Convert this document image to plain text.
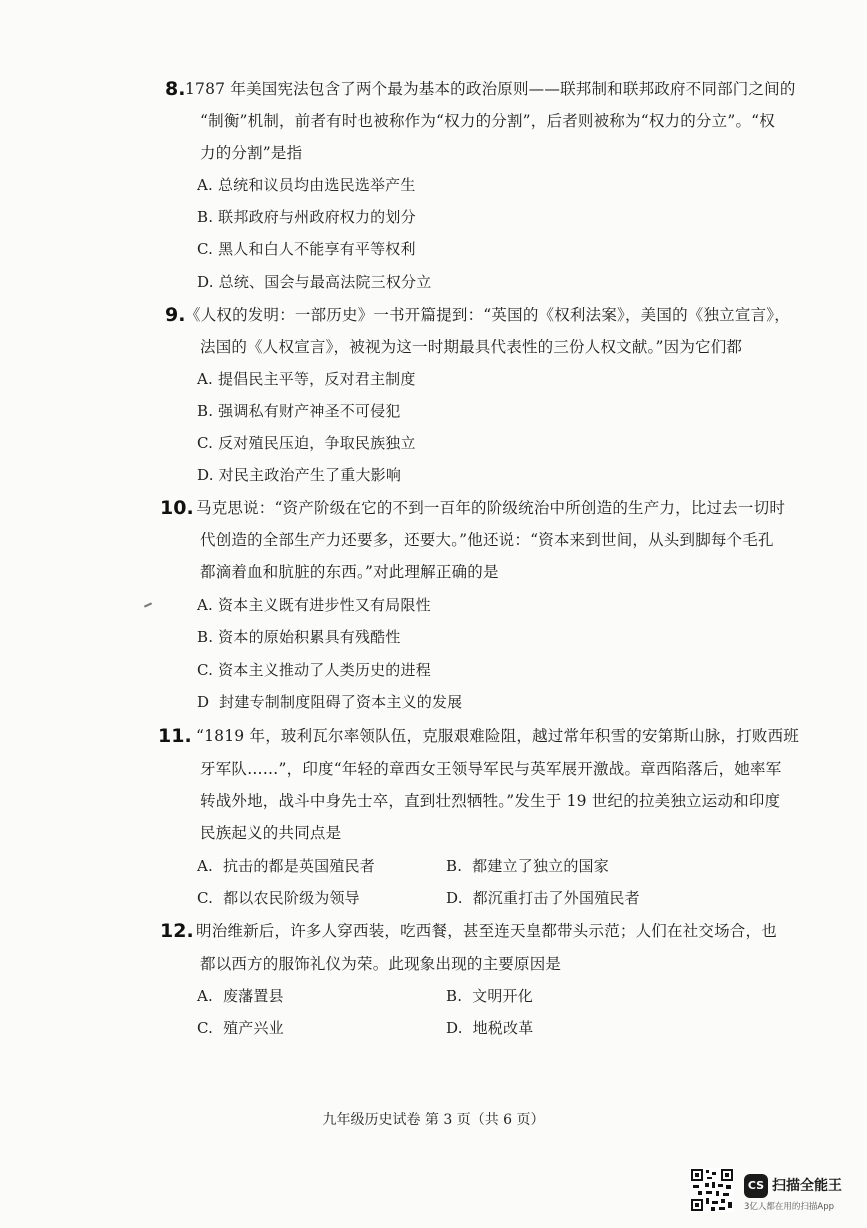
8. 1787 年美国宪法包含了两个最为基本的政治原则——联邦制和联邦政府不同部门之间的
“制衡”机制，前者有时也被称作为“权力的分割”，后者则被称为“权力的分立”。“权
力的分割”是指
A. 总统和议员均由选民选举产生
B. 联邦政府与州政府权力的划分
C. 黑人和白人不能享有平等权利
D. 总统、国会与最高法院三权分立
9. 《人权的发明：一部历史》一书开篇提到：“英国的《权利法案》，美国的《独立宣言》，
法国的《人权宣言》，被视为这一时期最具代表性的三份人权文献。”因为它们都
A. 提倡民主平等，反对君主制度
B. 强调私有财产神圣不可侵犯
C. 反对殖民压迫，争取民族独立
D. 对民主政治产生了重大影响
10. 马克思说：“资产阶级在它的不到一百年的阶级统治中所创造的生产力，比过去一切时
代创造的全部生产力还要多，还要大。”他还说：“资本来到世间，从头到脚每个毛孔
都滴着血和肮脏的东西。”对此理解正确的是
A. 资本主义既有进步性又有局限性
B. 资本的原始积累具有残酷性
C. 资本主义推动了人类历史的进程
D 封建专制制度阻碍了资本主义的发展
11. “1819 年，玻利瓦尔率领队伍，克服艰难险阻，越过常年积雪的安第斯山脉，打败西班
牙军队……”，印度“年轻的章西女王领导军民与英军展开激战。章西陷落后，她率军
转战外地，战斗中身先士卒，直到壮烈牺牲。”发生于 19 世纪的拉美独立运动和印度
民族起义的共同点是
A. 抗击的都是英国殖民者	B. 都建立了独立的国家
C. 都以农民阶级为领导	D. 都沉重打击了外国殖民者
12. 明治维新后，许多人穿西装，吃西餐，甚至连天皇都带头示范；人们在社交场合，也
都以西方的服饰礼仪为荣。此现象出现的主要原因是
A. 废藩置县	B. 文明开化
C. 殖产兴业	D. 地税改革
九年级历史试卷 第 3 页（共 6 页）
CS 扫描全能王
3亿人都在用的扫描App
